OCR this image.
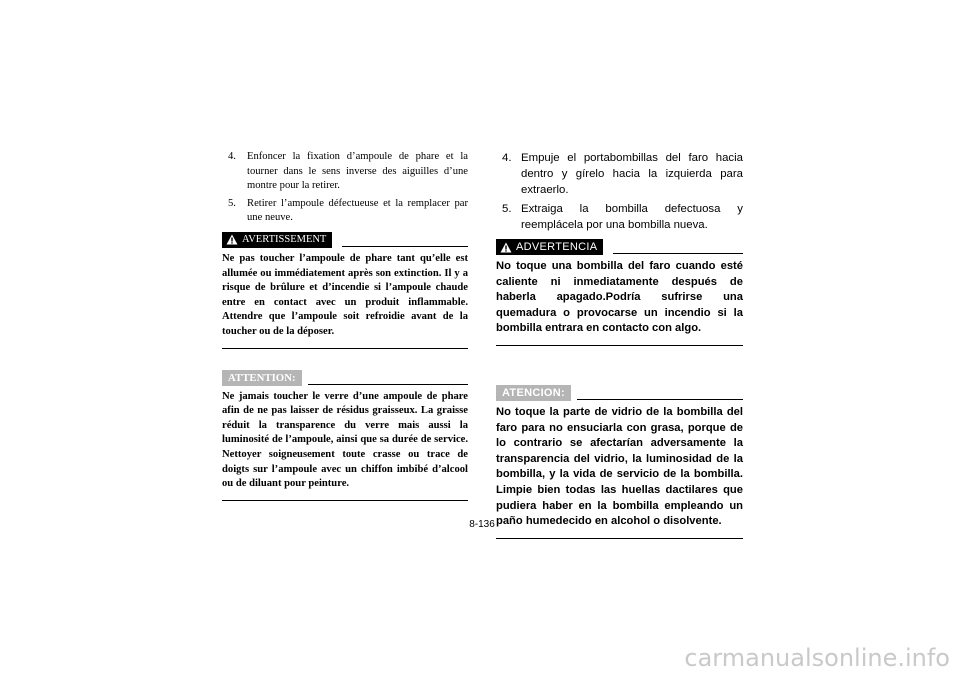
4.	Enfoncer la fixation d’ampoule de phare et la tourner dans le sens inverse des aiguilles d’une montre pour la retirer.
5.	Retirer l’ampoule défectueuse et la remplacer par une neuve.
AVERTISSEMENT
Ne pas toucher l’ampoule de phare tant qu’elle est allumée ou immédiatement après son extinction. Il y a risque de brûlure et d’incendie si l’ampoule chaude entre en contact avec un produit inflammable. Attendre que l’ampoule soit refroidie avant de la toucher ou de la déposer.
ATTENTION:
Ne jamais toucher le verre d’une ampoule de phare afin de ne pas laisser de résidus graisseux. La graisse réduit la transparence du verre mais aussi la luminosité de l’ampoule, ainsi que sa durée de service. Nettoyer soigneusement toute crasse ou trace de doigts sur l’ampoule avec un chiffon imbibé d’alcool ou de diluant pour peinture.
4. Empuje el portabombillas del faro hacia dentro y gírelo hacia la izquierda para extraerlo.
5. Extraiga la bombilla defectuosa y reemplácela por una bombilla nueva.
ADVERTENCIA
No toque una bombilla del faro cuando esté caliente ni inmediatamente después de haberla apagado.Podría sufrirse una quemadura o provocarse un incendio si la bombilla entrara en contacto con algo.
ATENCION:
No toque la parte de vidrio de la bombilla del faro para no ensuciarla con grasa, porque de lo contrario se afectarían adversamente la transparencia del vidrio, la luminosidad de la bombilla, y la vida de servicio de la bombilla. Limpie bien todas las huellas dactilares que pudiera haber en la bombilla empleando un paño humedecido en alcohol o disolvente.
8-136
carmanualsonline.info
